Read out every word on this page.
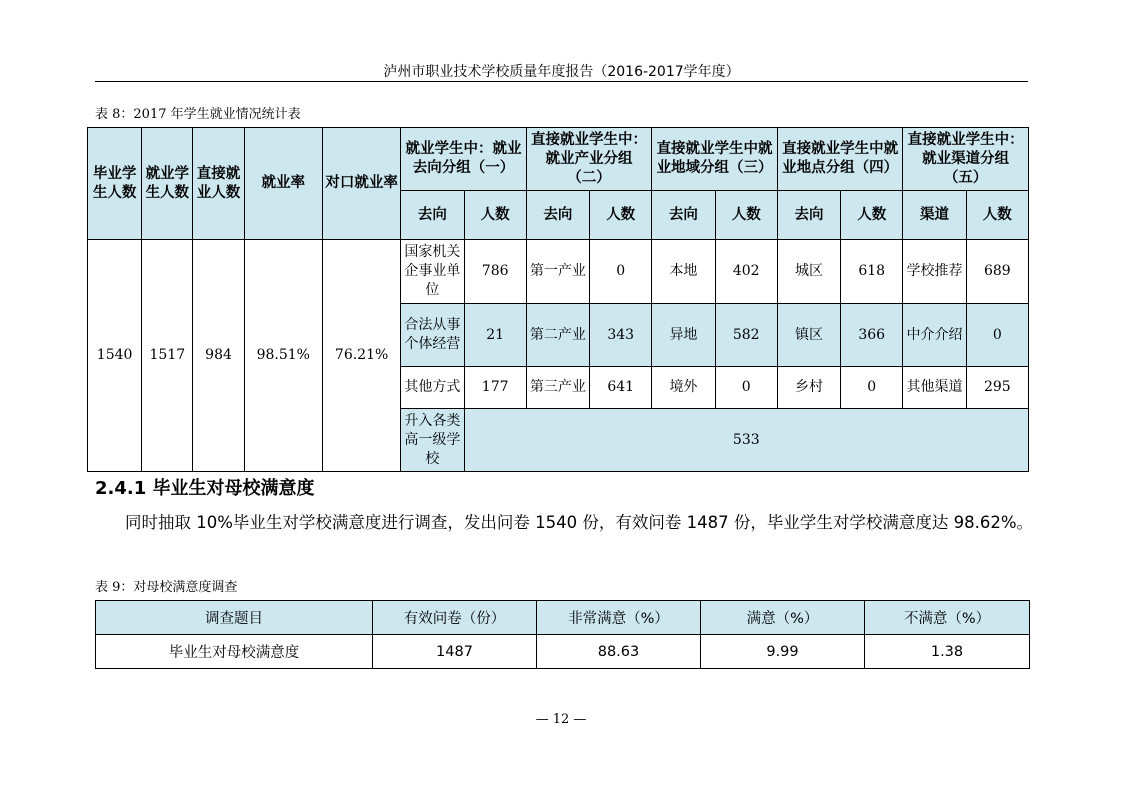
泸州市职业技术学校质量年度报告（2016-2017学年度）
表 8：2017 年学生就业情况统计表
毕业学生人数	就业学生人数	直接就业人数	就业率	对口就业率	就业学生中：就业去向分组（一）		直接就业学生中：就业产业分组（二）		直接就业学生中就业地域分组（三）		直接就业学生中就业地点分组（四）		直接就业学生中：就业渠道分组（五）	
					去向	人数	去向	人数	去向	人数	去向	人数	渠道	人数
1540	1517	984	98.51%	76.21%	国家机关企事业单位	786	第一产业	0	本地	402	城区	618	学校推荐	689
					合法从事个体经营	21	第二产业	343	异地	582	镇区	366	中介介绍	0
					其他方式	177	第三产业	641	境外	0	乡村	0	其他渠道	295
					升入各类高一级学校	533								
2.4.1 毕业生对母校满意度

同时抽取 10%毕业生对学校满意度进行调查，发出问卷 1540 份，有效问卷 1487 份，毕业学生对学校满意度达 98.62%。

表 9：对母校满意度调查
调查题目	有效问卷（份）	非常满意（%）	满意（%）	不满意（%）
毕业生对母校满意度	1487	88.63	9.99	1.38
— 12 —
